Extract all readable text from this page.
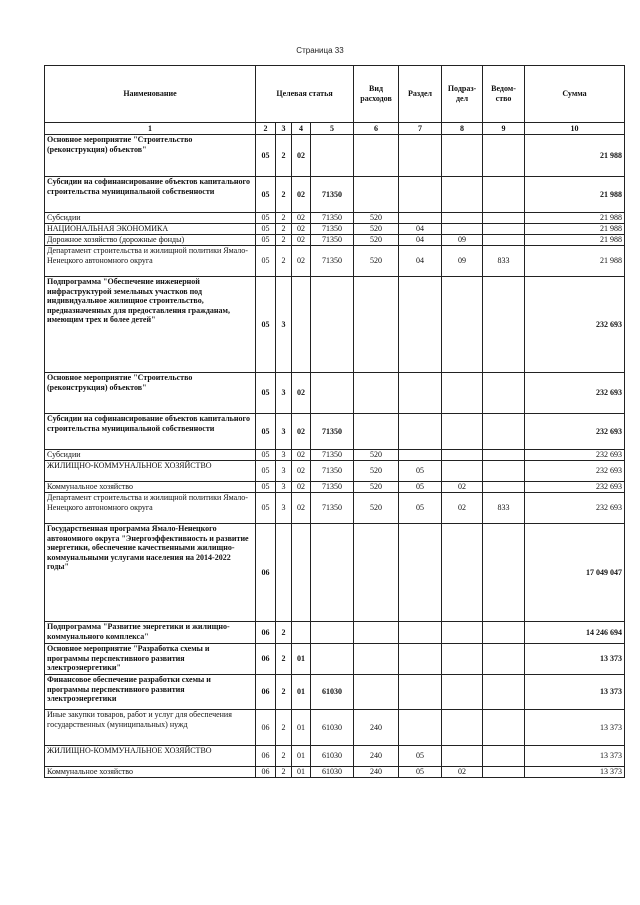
Страница 33
Наименование	Целевая статья				Вид расходов	Раздел	Подраз-дел	Ведом-ство	Сумма
1	2	3	4	5	6	7	8	9	10
Основное мероприятие "Строительство (реконструкция) объектов"	05	2	02						21 988
Субсидии на софинансирование объектов капитального строительства муниципальной собственности	05	2	02	71350					21 988
Субсидии	05	2	02	71350	520				21 988
НАЦИОНАЛЬНАЯ ЭКОНОМИКА	05	2	02	71350	520	04			21 988
Дорожное хозяйство (дорожные фонды)	05	2	02	71350	520	04	09		21 988
Департамент строительства и жилищной политики Ямало-Ненецкого автономного округа	05	2	02	71350	520	04	09	833	21 988
Подпрограмма "Обеспечение инженерной инфраструктурой земельных участков под индивидуальное жилищное строительство, предназначенных для предоставления гражданам, имеющим трех и более детей"	05	3							232 693
Основное мероприятие "Строительство (реконструкция) объектов"	05	3	02						232 693
Субсидии на софинансирование объектов капитального строительства муниципальной собственности	05	3	02	71350					232 693
Субсидии	05	3	02	71350	520				232 693
ЖИЛИЩНО-КОММУНАЛЬНОЕ ХОЗЯЙСТВО	05	3	02	71350	520	05			232 693
Коммунальное хозяйство	05	3	02	71350	520	05	02		232 693
Департамент строительства и жилищной политики Ямало-Ненецкого автономного округа	05	3	02	71350	520	05	02	833	232 693
Государственная программа Ямало-Ненецкого автономного округа "Энергоэффективность и развитие энергетики, обеспечение качественными жилищно-коммунальными услугами населения на 2014-2022 годы"	06								17 049 047
Подпрограмма "Развитие энергетики и жилищно-коммунального комплекса"	06	2							14 246 694
Основное мероприятие "Разработка схемы и программы перспективного развития электроэнергетики"	06	2	01						13 373
Финансовое обеспечение разработки схемы и программы перспективного развития электроэнергетики	06	2	01	61030					13 373
Иные закупки товаров, работ и услуг для обеспечения государственных (муниципальных) нужд	06	2	01	61030	240				13 373
ЖИЛИЩНО-КОММУНАЛЬНОЕ ХОЗЯЙСТВО	06	2	01	61030	240	05			13 373
Коммунальное хозяйство	06	2	01	61030	240	05	02		13 373
